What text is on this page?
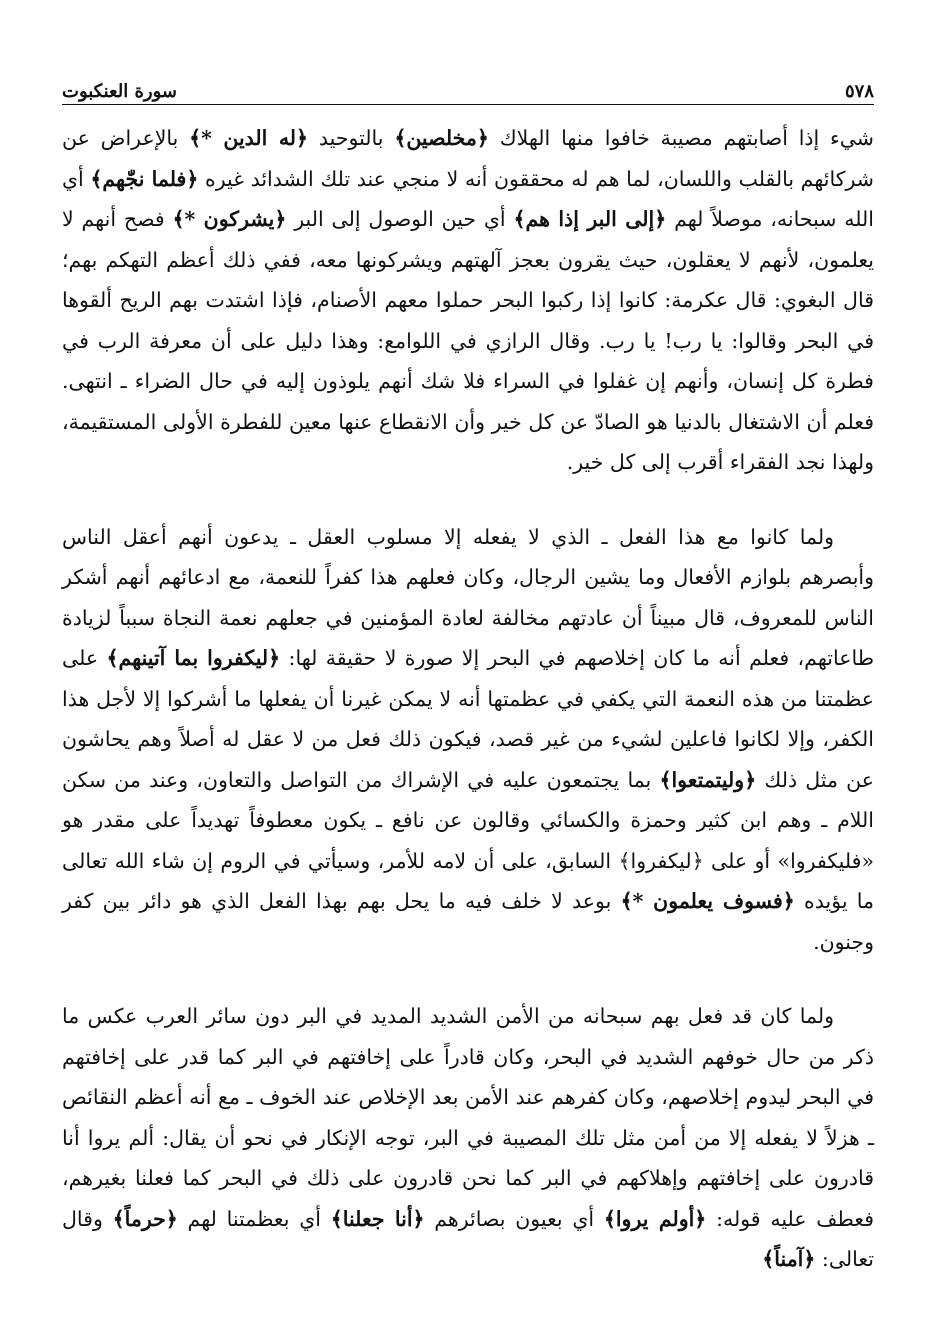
٥٧٨
سورة العنكبوت

شيء إذا أصابتهم مصيبة خافوا منها الهلاك ﴿مخلصين﴾ بالتوحيد ﴿له الدين *﴾ بالإعراض عن شركائهم بالقلب واللسان، لما هم له محققون أنه لا منجي عند تلك الشدائد غيره ﴿فلما نجّٰهم﴾ أي الله سبحانه، موصلاً لهم ﴿إلى البر إذا هم﴾ أي حين الوصول إلى البر ﴿يشركون *﴾ فصح أنهم لا يعلمون، لأنهم لا يعقلون، حيث يقرون بعجز آلهتهم ويشركونها معه، ففي ذلك أعظم التهكم بهم؛ قال البغوي: قال عكرمة: كانوا إذا ركبوا البحر حملوا معهم الأصنام، فإذا اشتدت بهم الريح ألقوها في البحر وقالوا: يا رب! يا رب. وقال الرازي في اللوامع: وهذا دليل على أن معرفة الرب في فطرة كل إنسان، وأنهم إن غفلوا في السراء فلا شك أنهم يلوذون إليه في حال الضراء ـ انتهى. فعلم أن الاشتغال بالدنيا هو الصادّ عن كل خير وأن الانقطاع عنها معين للفطرة الأولى المستقيمة، ولهذا نجد الفقراء أقرب إلى كل خير.

ولما كانوا مع هذا الفعل ـ الذي لا يفعله إلا مسلوب العقل ـ يدعون أنهم أعقل الناس وأبصرهم بلوازم الأفعال وما يشين الرجال، وكان فعلهم هذا كفراً للنعمة، مع ادعائهم أنهم أشكر الناس للمعروف، قال مبيناً أن عادتهم مخالفة لعادة المؤمنين في جعلهم نعمة النجاة سبباً لزيادة طاعاتهم، فعلم أنه ما كان إخلاصهم في البحر إلا صورة لا حقيقة لها: ﴿ليكفروا بما آتينهم﴾ على عظمتنا من هذه النعمة التي يكفي في عظمتها أنه لا يمكن غيرنا أن يفعلها ما أشركوا إلا لأجل هذا الكفر، وإلا لكانوا فاعلين لشيء من غير قصد، فيكون ذلك فعل من لا عقل له أصلاً وهم يحاشون عن مثل ذلك ﴿وليتمتعوا﴾ بما يجتمعون عليه في الإشراك من التواصل والتعاون، وعند من سكن اللام ـ وهم ابن كثير وحمزة والكسائي وقالون عن نافع ـ يكون معطوفاً تهديداً على مقدر هو «فليكفروا» أو على ﴿ليكفروا﴾ السابق، على أن لامه للأمر، وسيأتي في الروم إن شاء الله تعالى ما يؤيده ﴿فسوف يعلمون *﴾ بوعد لا خلف فيه ما يحل بهم بهذا الفعل الذي هو دائر بين كفر وجنون.

ولما كان قد فعل بهم سبحانه من الأمن الشديد المديد في البر دون سائر العرب عكس ما ذكر من حال خوفهم الشديد في البحر، وكان قادراً على إخافتهم في البر كما قدر على إخافتهم في البحر ليدوم إخلاصهم، وكان كفرهم عند الأمن بعد الإخلاص عند الخوف ـ مع أنه أعظم النقائص ـ هزلاً لا يفعله إلا من أمن مثل تلك المصيبة في البر، توجه الإنكار في نحو أن يقال: ألم يروا أنا قادرون على إخافتهم وإهلاكهم في البر كما نحن قادرون على ذلك في البحر كما فعلنا بغيرهم، فعطف عليه قوله: ﴿أولم يروا﴾ أي بعيون بصائرهم ﴿أنا جعلنا﴾ أي بعظمتنا لهم ﴿حرماً﴾ وقال تعالى: ﴿آمناً﴾
